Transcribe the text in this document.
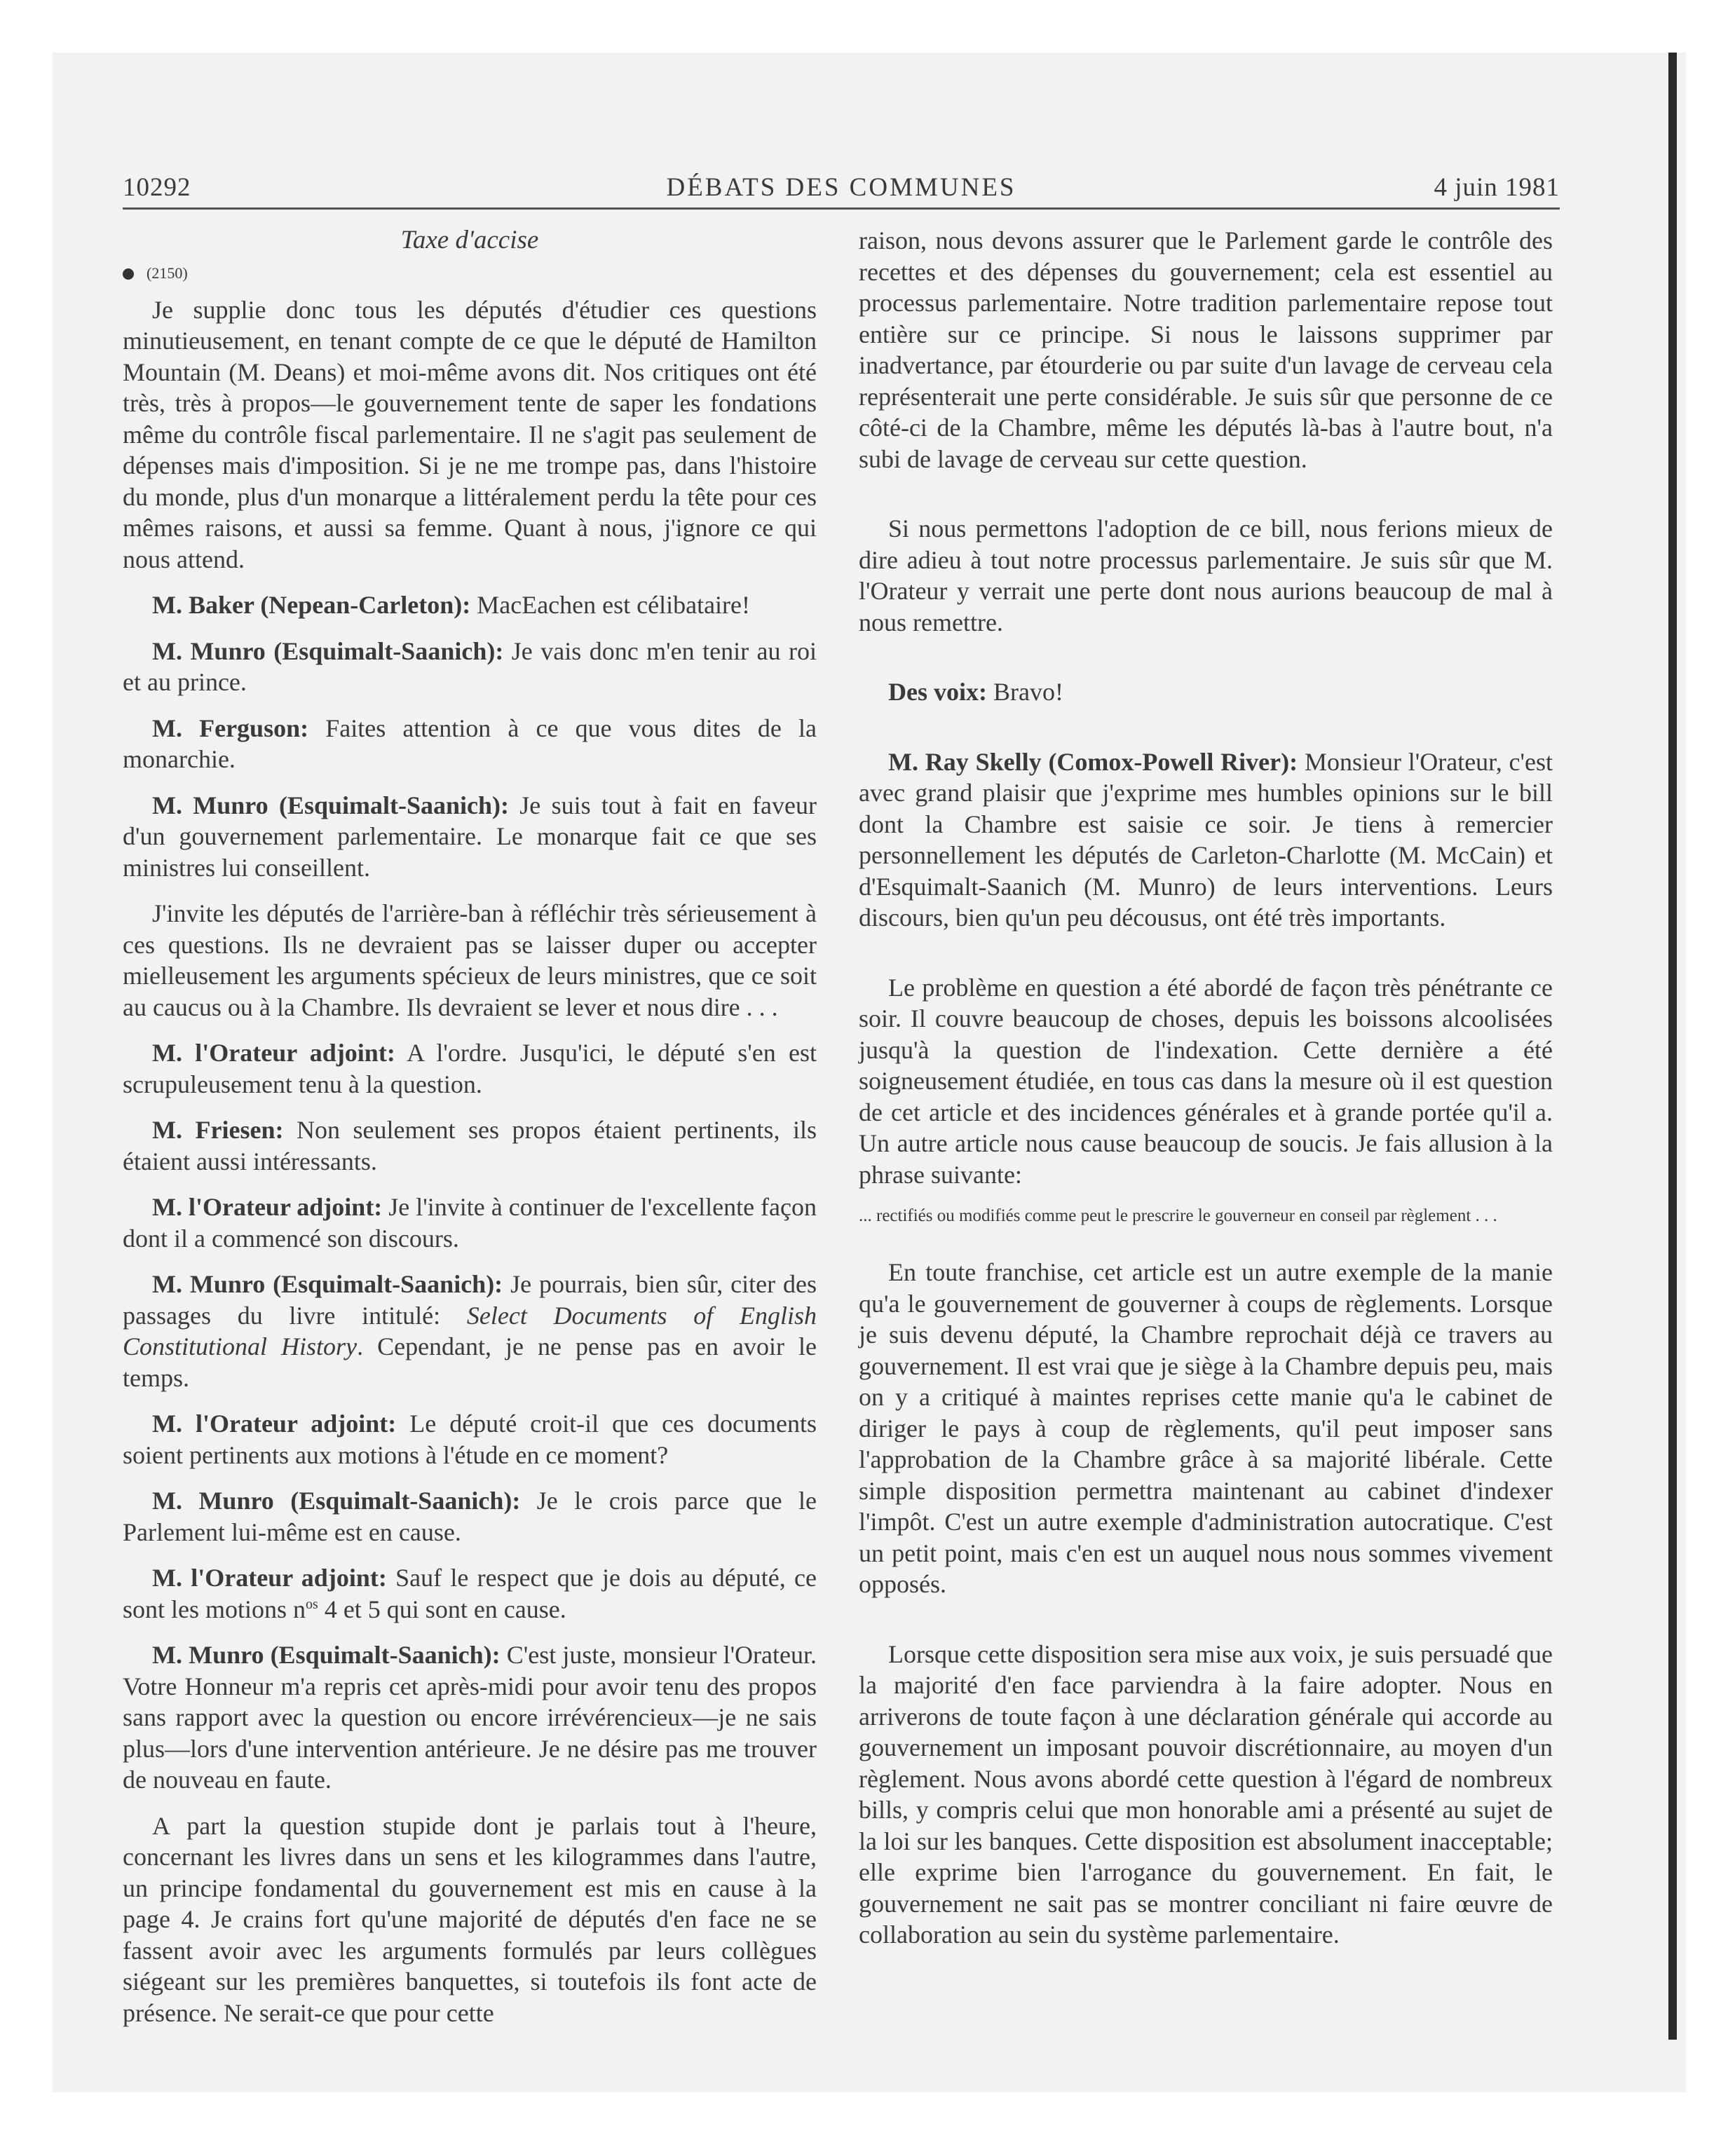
10292	DÉBATS DES COMMUNES	4 juin 1981
Taxe d'accise
(2150)

Je supplie donc tous les députés d'étudier ces questions minutieusement, en tenant compte de ce que le député de Hamilton Mountain (M. Deans) et moi-même avons dit. Nos critiques ont été très, très à propos—le gouvernement tente de saper les fondations même du contrôle fiscal parlementaire. Il ne s'agit pas seulement de dépenses mais d'imposition. Si je ne me trompe pas, dans l'histoire du monde, plus d'un monarque a littéralement perdu la tête pour ces mêmes raisons, et aussi sa femme. Quant à nous, j'ignore ce qui nous attend.

M. Baker (Nepean-Carleton): MacEachen est célibataire!

M. Munro (Esquimalt-Saanich): Je vais donc m'en tenir au roi et au prince.

M. Ferguson: Faites attention à ce que vous dites de la monarchie.

M. Munro (Esquimalt-Saanich): Je suis tout à fait en faveur d'un gouvernement parlementaire. Le monarque fait ce que ses ministres lui conseillent.

J'invite les députés de l'arrière-ban à réfléchir très sérieusement à ces questions. Ils ne devraient pas se laisser duper ou accepter mielleusement les arguments spécieux de leurs ministres, que ce soit au caucus ou à la Chambre. Ils devraient se lever et nous dire . . .

M. l'Orateur adjoint: A l'ordre. Jusqu'ici, le député s'en est scrupuleusement tenu à la question.

M. Friesen: Non seulement ses propos étaient pertinents, ils étaient aussi intéressants.

M. l'Orateur adjoint: Je l'invite à continuer de l'excellente façon dont il a commencé son discours.

M. Munro (Esquimalt-Saanich): Je pourrais, bien sûr, citer des passages du livre intitulé: Select Documents of English Constitutional History. Cependant, je ne pense pas en avoir le temps.

M. l'Orateur adjoint: Le député croit-il que ces documents soient pertinents aux motions à l'étude en ce moment?

M. Munro (Esquimalt-Saanich): Je le crois parce que le Parlement lui-même est en cause.

M. l'Orateur adjoint: Sauf le respect que je dois au député, ce sont les motions $n^{os}$ 4 et 5 qui sont en cause.

M. Munro (Esquimalt-Saanich): C'est juste, monsieur l'Orateur. Votre Honneur m'a repris cet après-midi pour avoir tenu des propos sans rapport avec la question ou encore irrévérencieux—je ne sais plus—lors d'une intervention antérieure. Je ne désire pas me trouver de nouveau en faute.

A part la question stupide dont je parlais tout à l'heure, concernant les livres dans un sens et les kilogrammes dans l'autre, un principe fondamental du gouvernement est mis en cause à la page 4. Je crains fort qu'une majorité de députés d'en face ne se fassent avoir avec les arguments formulés par leurs collègues siégeant sur les premières banquettes, si toutefois ils font acte de présence. Ne serait-ce que pour cette

raison, nous devons assurer que le Parlement garde le contrôle des recettes et des dépenses du gouvernement; cela est essentiel au processus parlementaire. Notre tradition parlementaire repose tout entière sur ce principe. Si nous le laissons supprimer par inadvertance, par étourderie ou par suite d'un lavage de cerveau cela représenterait une perte considérable. Je suis sûr que personne de ce côté-ci de la Chambre, même les députés là-bas à l'autre bout, n'a subi de lavage de cerveau sur cette question.

Si nous permettons l'adoption de ce bill, nous ferions mieux de dire adieu à tout notre processus parlementaire. Je suis sûr que M. l'Orateur y verrait une perte dont nous aurions beaucoup de mal à nous remettre.

Des voix: Bravo!

M. Ray Skelly (Comox-Powell River): Monsieur l'Orateur, c'est avec grand plaisir que j'exprime mes humbles opinions sur le bill dont la Chambre est saisie ce soir. Je tiens à remercier personnellement les députés de Carleton-Charlotte (M. McCain) et d'Esquimalt-Saanich (M. Munro) de leurs interventions. Leurs discours, bien qu'un peu décousus, ont été très importants.

Le problème en question a été abordé de façon très pénétrante ce soir. Il couvre beaucoup de choses, depuis les boissons alcoolisées jusqu'à la question de l'indexation. Cette dernière a été soigneusement étudiée, en tous cas dans la mesure où il est question de cet article et des incidences générales et à grande portée qu'il a. Un autre article nous cause beaucoup de soucis. Je fais allusion à la phrase suivante:

... rectifiés ou modifiés comme peut le prescrire le gouverneur en conseil par règlement . . .

En toute franchise, cet article est un autre exemple de la manie qu'a le gouvernement de gouverner à coups de règlements. Lorsque je suis devenu député, la Chambre reprochait déjà ce travers au gouvernement. Il est vrai que je siège à la Chambre depuis peu, mais on y a critiqué à maintes reprises cette manie qu'a le cabinet de diriger le pays à coup de règlements, qu'il peut imposer sans l'approbation de la Chambre grâce à sa majorité libérale. Cette simple disposition permettra maintenant au cabinet d'indexer l'impôt. C'est un autre exemple d'administration autocratique. C'est un petit point, mais c'en est un auquel nous nous sommes vivement opposés.

Lorsque cette disposition sera mise aux voix, je suis persuadé que la majorité d'en face parviendra à la faire adopter. Nous en arriverons de toute façon à une déclaration générale qui accorde au gouvernement un imposant pouvoir discrétionnaire, au moyen d'un règlement. Nous avons abordé cette question à l'égard de nombreux bills, y compris celui que mon honorable ami a présenté au sujet de la loi sur les banques. Cette disposition est absolument inacceptable; elle exprime bien l'arrogance du gouvernement. En fait, le gouvernement ne sait pas se montrer conciliant ni faire œuvre de collaboration au sein du système parlementaire.
